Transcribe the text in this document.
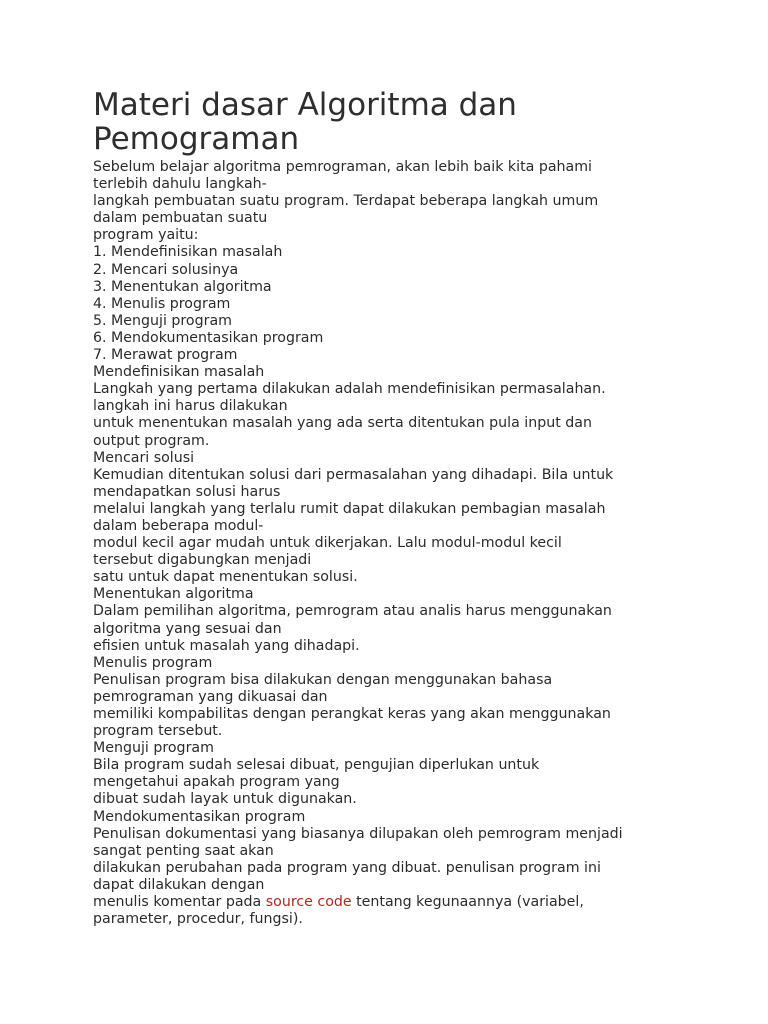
Materi dasar Algoritma dan
Pemograman
Sebelum belajar algoritma pemrograman, akan lebih baik kita pahami
terlebih dahulu langkah-
langkah pembuatan suatu program. Terdapat beberapa langkah umum
dalam pembuatan suatu
program yaitu:
1. Mendefinisikan masalah
2. Mencari solusinya
3. Menentukan algoritma
4. Menulis program
5. Menguji program
6. Mendokumentasikan program
7. Merawat program
Mendefinisikan masalah
Langkah yang pertama dilakukan adalah mendefinisikan permasalahan.
langkah ini harus dilakukan
untuk menentukan masalah yang ada serta ditentukan pula input dan
output program.
Mencari solusi
Kemudian ditentukan solusi dari permasalahan yang dihadapi. Bila untuk
mendapatkan solusi harus
melalui langkah yang terlalu rumit dapat dilakukan pembagian masalah
dalam beberapa modul-
modul kecil agar mudah untuk dikerjakan. Lalu modul-modul kecil
tersebut digabungkan menjadi
satu untuk dapat menentukan solusi.
Menentukan algoritma
Dalam pemilihan algoritma, pemrogram atau analis harus menggunakan
algoritma yang sesuai dan
efisien untuk masalah yang dihadapi.
Menulis program
Penulisan program bisa dilakukan dengan menggunakan bahasa
pemrograman yang dikuasai dan
memiliki kompabilitas dengan perangkat keras yang akan menggunakan
program tersebut.
Menguji program
Bila program sudah selesai dibuat, pengujian diperlukan untuk
mengetahui apakah program yang
dibuat sudah layak untuk digunakan.
Mendokumentasikan program
Penulisan dokumentasi yang biasanya dilupakan oleh pemrogram menjadi
sangat penting saat akan
dilakukan perubahan pada program yang dibuat. penulisan program ini
dapat dilakukan dengan
menulis komentar pada source code tentang kegunaannya (variabel,
parameter, procedur, fungsi).
